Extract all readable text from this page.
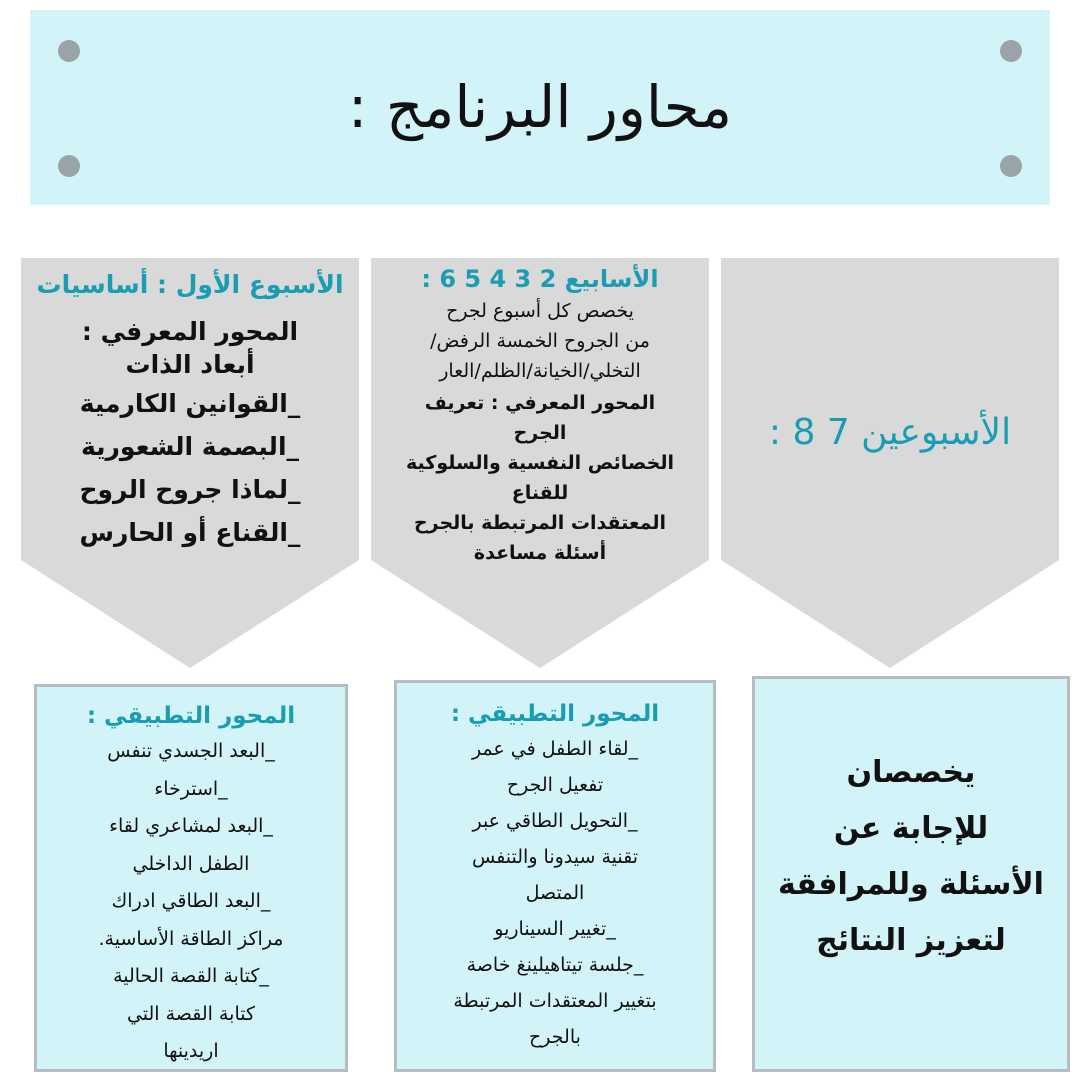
محاور البرنامج :
الأسبوع الأول : أساسيات
المحور المعرفي :
أبعاد الذات
_القوانين الكارمية
_البصمة الشعورية
_لماذا جروح الروح
_القناع أو الحارس
الأسابيع 2 3 4 5 6 :
يخصص كل أسبوع لجرح
من الجروح الخمسة الرفض/
التخلي/الخيانة/الظلم/العار
المحور المعرفي : تعريف
الجرح
الخصائص النفسية والسلوكية
للقناع
المعتقدات المرتبطة بالجرح
أسئلة مساعدة
الأسبوعين 7 8 :
المحور التطبيقي :
_البعد الجسدي تنفس
_استرخاء
_البعد لمشاعري لقاء
الطفل الداخلي
_البعد الطاقي ادراك
مراكز الطاقة الأساسية.
_كتابة القصة الحالية
كتابة القصة التي
اريدينها
المحور التطبيقي :
_لقاء الطفل في عمر
تفعيل الجرح
_التحويل الطاقي عبر
تقنية سيدونا والتنفس
المتصل
_تغيير السيناريو
_جلسة تيتاهيلينغ خاصة
بتغيير المعتقدات المرتبطة
بالجرح
يخصصان
للإجابة عن
الأسئلة وللمرافقة
لتعزيز النتائج
